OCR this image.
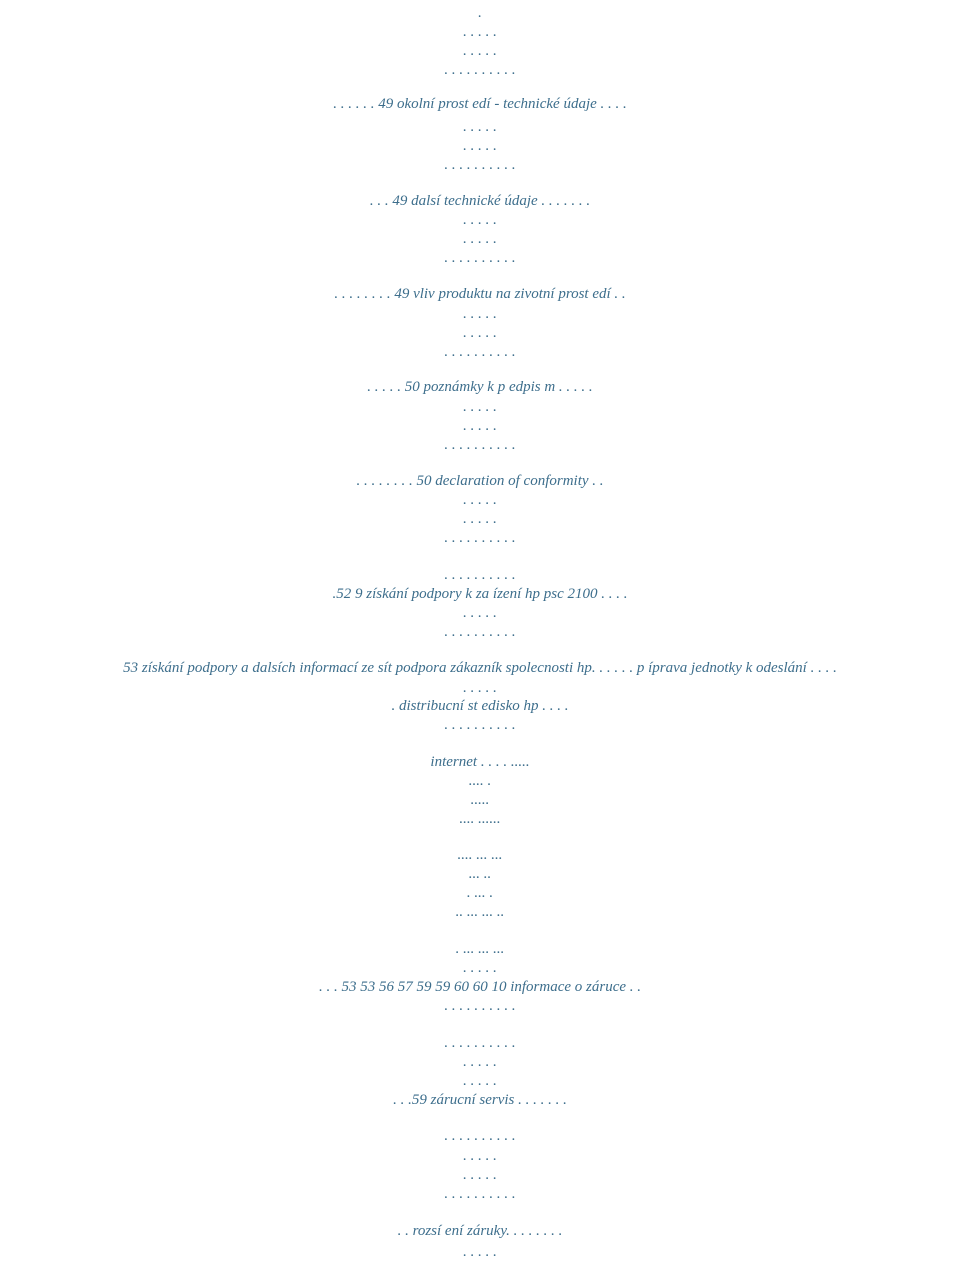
.
. . . . .
. . . . .
. . . . . . . . . .
. . . . . . 49 okolní prost edí - technické údaje . . . .
. . . . .
. . . . .
. . . . . . . . . .
. . . 49 dalsí technické údaje . . . . . . .
. . . . .
. . . . .
. . . . . . . . . .
. . . . . . . . 49 vliv produktu na zivotní prost edí . .
. . . . .
. . . . .
. . . . . . . . . .
. . . . . 50 poznámky k p edpis m . . . . .
. . . . .
. . . . .
. . . . . . . . . .
. . . . . . . . 50 declaration of conformity . .
. . . . .
. . . . .
. . . . . . . . . .
. . . . . . . . . .
.52 9 získání podpory k za ízení hp psc 2100 . . . .
. . . . .
. . . . . . . . . .
53 získání podpory a dalsích informací ze sít podpora zákazník spolecnosti hp. . . . . . p íprava jednotky k odeslání . . . .
. . . . .
. distribucní st edisko hp . . . .
. . . . . . . . . .
internet . . . . .....
.... .
.....
.... ......
.... ... ...
... ..
. ... .
.. ... ... ..
. ... ... ...
. . . . .
. . . 53 53 56 57 59 59 60 60 10 informace o záruce . .
. . . . . . . . . .
. . . . . . . . . .
. . . . .
. . . . .
. . .59 zárucní servis . . . . . . .
. . . . . . . . . .
. . . . .
. . . . .
. . . . . . . . . .
. . rozsí ení záruky. . . . . . . .
. . . . .
